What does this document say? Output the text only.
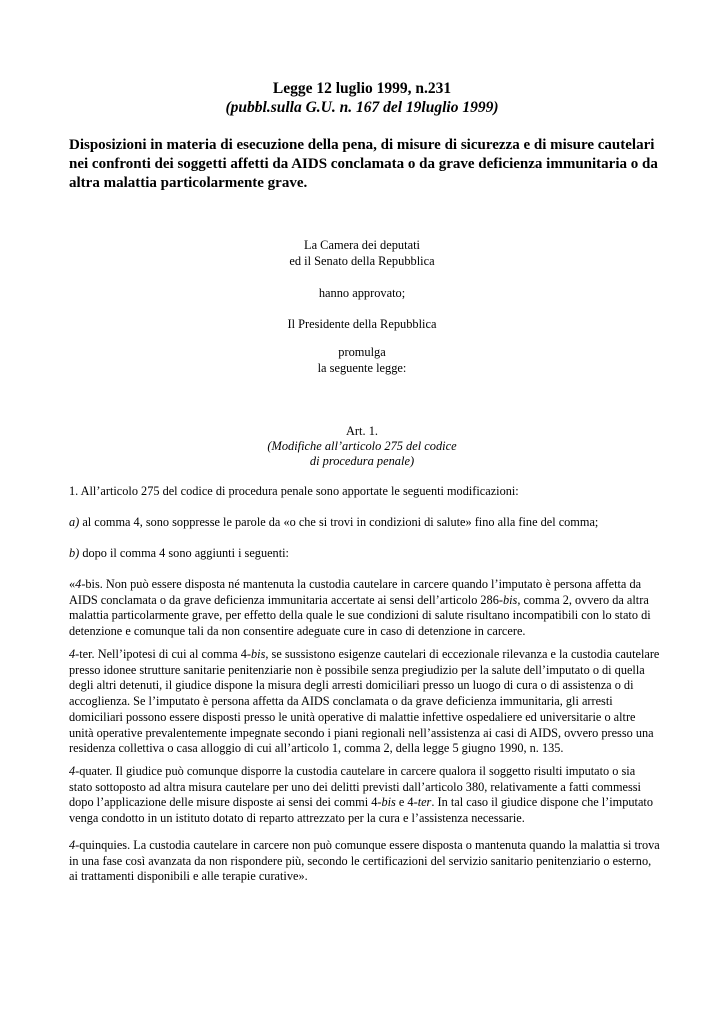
Legge 12 luglio 1999, n.231
(pubbl.sulla G.U. n. 167 del 19luglio 1999)
Disposizioni in materia di esecuzione della pena, di misure di sicurezza e di misure cautelari
nei confronti dei soggetti affetti da AIDS conclamata o da grave deficienza immunitaria o da
altra malattia particolarmente grave.
La Camera dei deputati
ed il Senato della Repubblica
hanno approvato;
Il Presidente della Repubblica
promulga
la seguente legge:
Art. 1.
(Modifiche all’articolo 275 del codice
di procedura penale)
1. All’articolo 275 del codice di procedura penale sono apportate le seguenti modificazioni:
a) al comma 4, sono soppresse le parole da «o che si trovi in condizioni di salute» fino alla fine del comma;
b) dopo il comma 4 sono aggiunti i seguenti:
«4-bis. Non può essere disposta né mantenuta la custodia cautelare in carcere quando l’imputato è persona affetta da
AIDS conclamata o da grave deficienza immunitaria accertate ai sensi dell’articolo 286-bis, comma 2, ovvero da altra
malattia particolarmente grave, per effetto della quale le sue condizioni di salute risultano incompatibili con lo stato di
detenzione e comunque tali da non consentire adeguate cure in caso di detenzione in carcere.
4-ter. Nell’ipotesi di cui al comma 4-bis, se sussistono esigenze cautelari di eccezionale rilevanza e la custodia cautelare
presso idonee strutture sanitarie penitenziarie non è possibile senza pregiudizio per la salute dell’imputato o di quella
degli altri detenuti, il giudice dispone la misura degli arresti domiciliari presso un luogo di cura o di assistenza o di
accoglienza. Se l’imputato è persona affetta da AIDS conclamata o da grave deficienza immunitaria, gli arresti
domiciliari possono essere disposti presso le unità operative di malattie infettive ospedaliere ed universitarie o altre
unità operative prevalentemente impegnate secondo i piani regionali nell’assistenza ai casi di AIDS, ovvero presso una
residenza collettiva o casa alloggio di cui all’articolo 1, comma 2, della legge 5 giugno 1990, n. 135.
4-quater. Il giudice può comunque disporre la custodia cautelare in carcere qualora il soggetto risulti imputato o sia
stato sottoposto ad altra misura cautelare per uno dei delitti previsti dall’articolo 380, relativamente a fatti commessi
dopo l’applicazione delle misure disposte ai sensi dei commi 4-bis e 4-ter. In tal caso il giudice dispone che l’imputato
venga condotto in un istituto dotato di reparto attrezzato per la cura e l’assistenza necessarie.
4-quinquies. La custodia cautelare in carcere non può comunque essere disposta o mantenuta quando la malattia si trova
in una fase così avanzata da non rispondere più, secondo le certificazioni del servizio sanitario penitenziario o esterno,
ai trattamenti disponibili e alle terapie curative».
